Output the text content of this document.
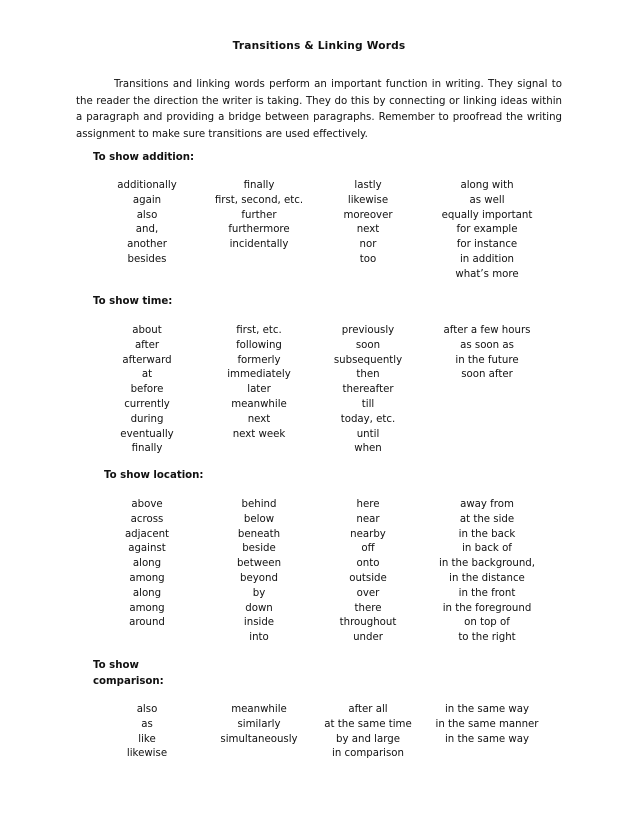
Transitions & Linking Words
Transitions and linking words perform an important function in writing. They signal to the reader the direction the writer is taking. They do this by connecting or linking ideas within a paragraph and providing a bridge between paragraphs. Remember to proofread the writing assignment to make sure transitions are used effectively.
To show addition:
additionally
again
also
and,
another
besides
finally
first, second, etc.
further
furthermore
incidentally
lastly
likewise
moreover
next
nor
too
along with
as well
equally important
for example
for instance
in addition
what’s more
To show time:
about
after
afterward
at
before
currently
during
eventually
finally
first, etc.
following
formerly
immediately
later
meanwhile
next
next week
previously
soon
subsequently
then
thereafter
till
today, etc.
until
when
after a few hours
as soon as
in the future
soon after
To show location:
above
across
adjacent
against
along
among
along
among
around
behind
below
beneath
beside
between
beyond
by
down
inside
into
here
near
nearby
off
onto
outside
over
there
throughout
under
away from
at the side
in the back
in back of
in the background,
in the distance
in the front
in the foreground
on top of
to the right
To show comparison:
also
as
like
likewise
meanwhile
similarly
simultaneously
after all
at the same time
by and large
in comparison
in the same way
in the same manner
in the same way
